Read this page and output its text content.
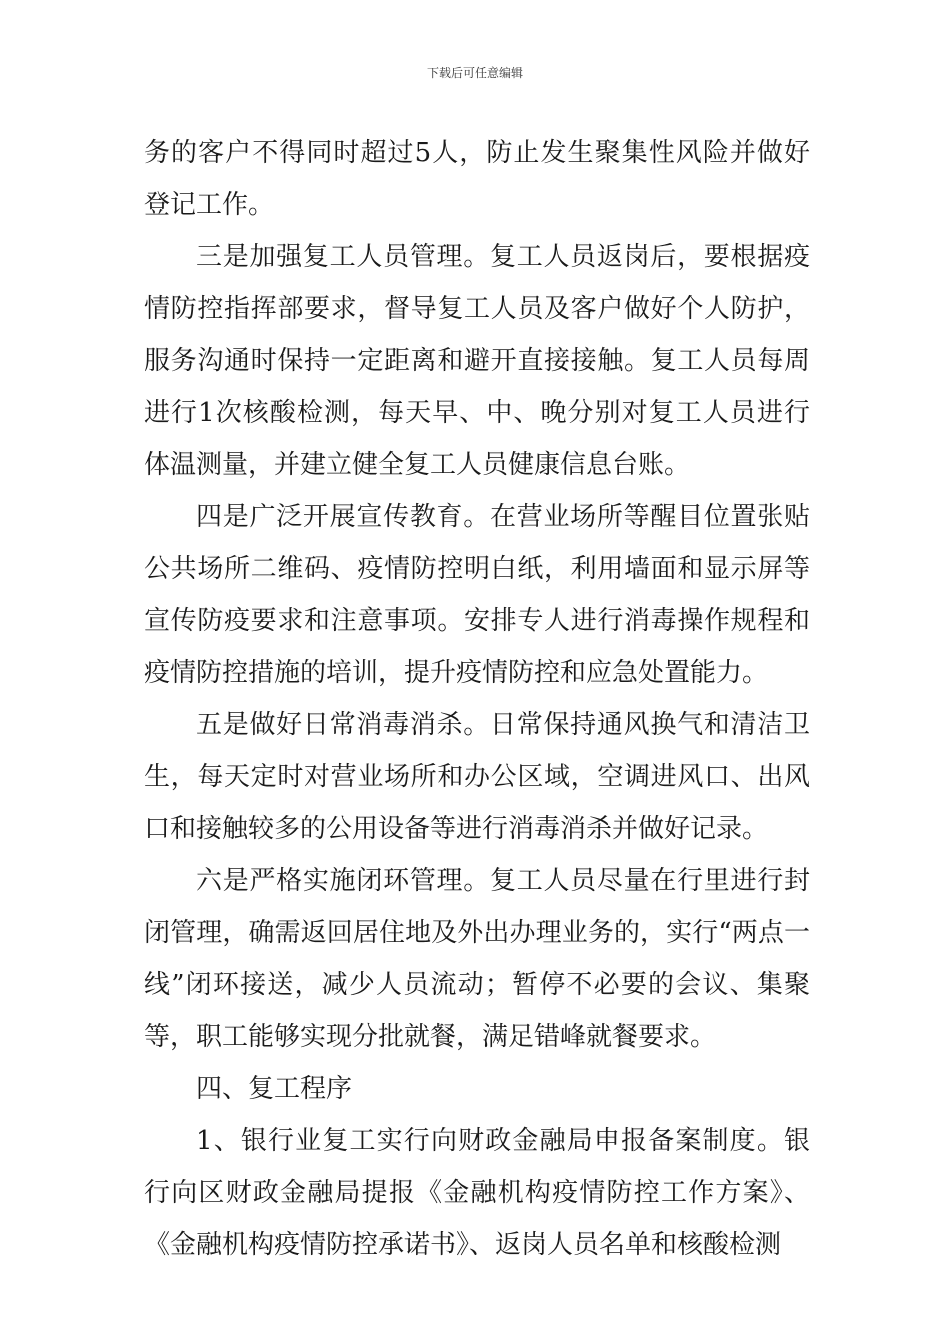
下载后可任意编辑

务的客户不得同时超过5人，防止发生聚集性风险并做好登记工作。

三是加强复工人员管理。复工人员返岗后，要根据疫情防控指挥部要求，督导复工人员及客户做好个人防护，服务沟通时保持一定距离和避开直接接触。复工人员每周进行1次核酸检测，每天早、中、晚分别对复工人员进行体温测量，并建立健全复工人员健康信息台账。

四是广泛开展宣传教育。在营业场所等醒目位置张贴公共场所二维码、疫情防控明白纸，利用墙面和显示屏等宣传防疫要求和注意事项。安排专人进行消毒操作规程和疫情防控措施的培训，提升疫情防控和应急处置能力。

五是做好日常消毒消杀。日常保持通风换气和清洁卫生，每天定时对营业场所和办公区域，空调进风口、出风口和接触较多的公用设备等进行消毒消杀并做好记录。

六是严格实施闭环管理。复工人员尽量在行里进行封闭管理，确需返回居住地及外出办理业务的，实行“两点一线”闭环接送，减少人员流动；暂停不必要的会议、集聚等，职工能够实现分批就餐，满足错峰就餐要求。

四、复工程序

1、银行业复工实行向财政金融局申报备案制度。银行向区财政金融局提报《金融机构疫情防控工作方案》、《金融机构疫情防控承诺书》、返岗人员名单和核酸检测
